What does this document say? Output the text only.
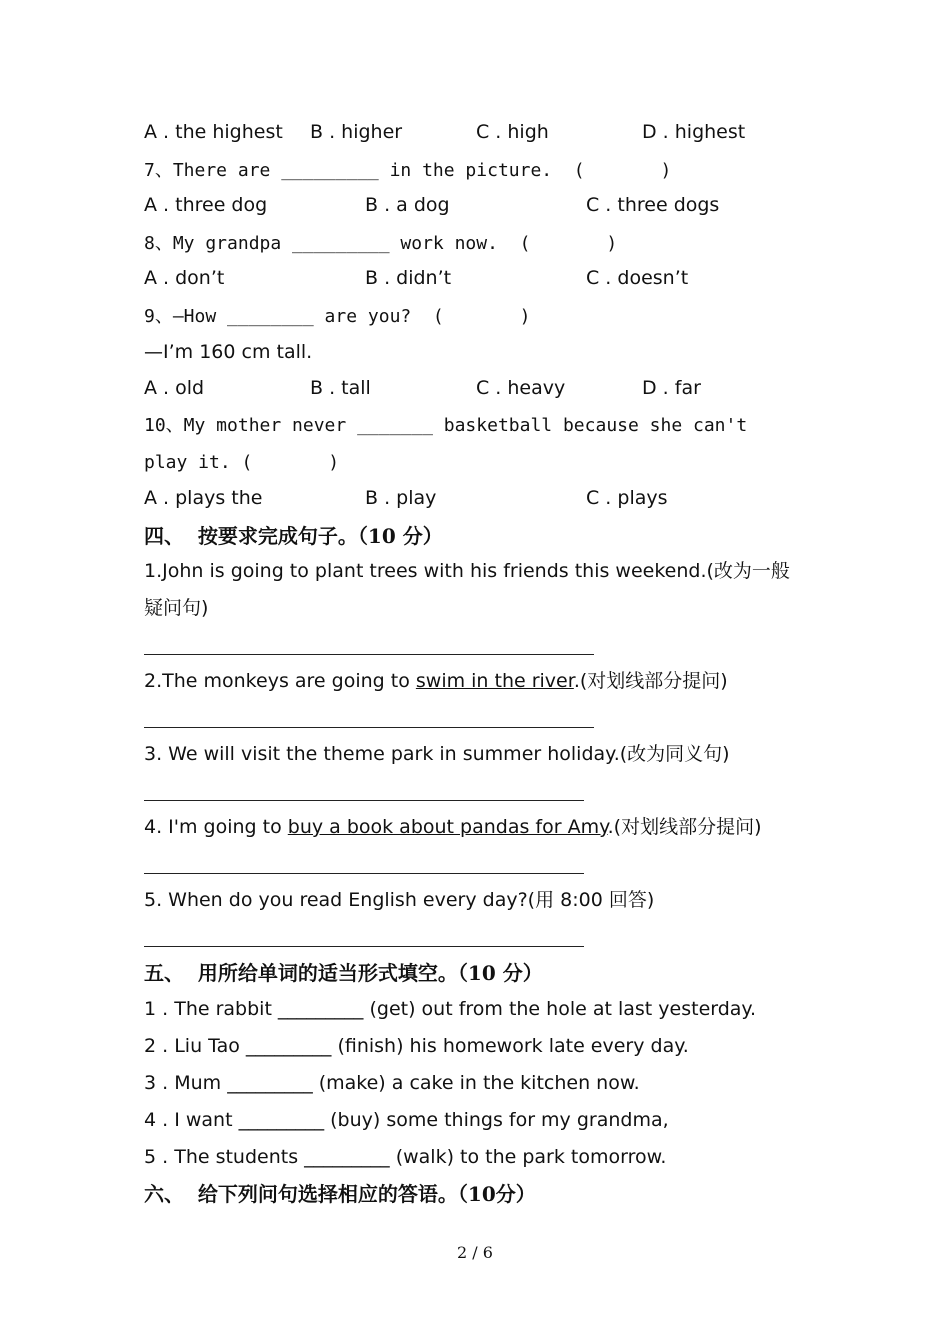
A . the highest B . higher	C . high	D . highest
7、There are _________ in the picture.  (       )
A . three dog	B . a dog	C . three dogs
8、My grandpa _________ work now.  (       )
A . don’t	B . didn’t	C . doesn’t
9、—How ________ are you?  (       )
—I’m 160 cm tall.
A . old	B . tall	C . heavy	D . far
10、My mother never _______ basketball because she can't
play it. (       )
A . plays the	B . play	C . plays
四、  按要求完成句子。（10 分）
1.John is going to plant trees with his friends this weekend.(改为一般
疑问句)
2.The monkeys are going to swim in the river.(对划线部分提问)
3. We will visit the theme park in summer holiday.(改为同义句)
4. I'm going to buy a book about pandas for Amy.(对划线部分提问)
5. When do you read English every day?(用 8:00 回答)
五、  用所给单词的适当形式填空。（10 分）
1 . The rabbit _________ (get) out from the hole at last yesterday.
2 . Liu Tao _________ (finish) his homework late every day.
3 . Mum _________ (make) a cake in the kitchen now.
4 . I want _________ (buy) some things for my grandma,
5 . The students _________ (walk) to the park tomorrow.
六、  给下列问句选择相应的答语。（10分）
2 / 6
